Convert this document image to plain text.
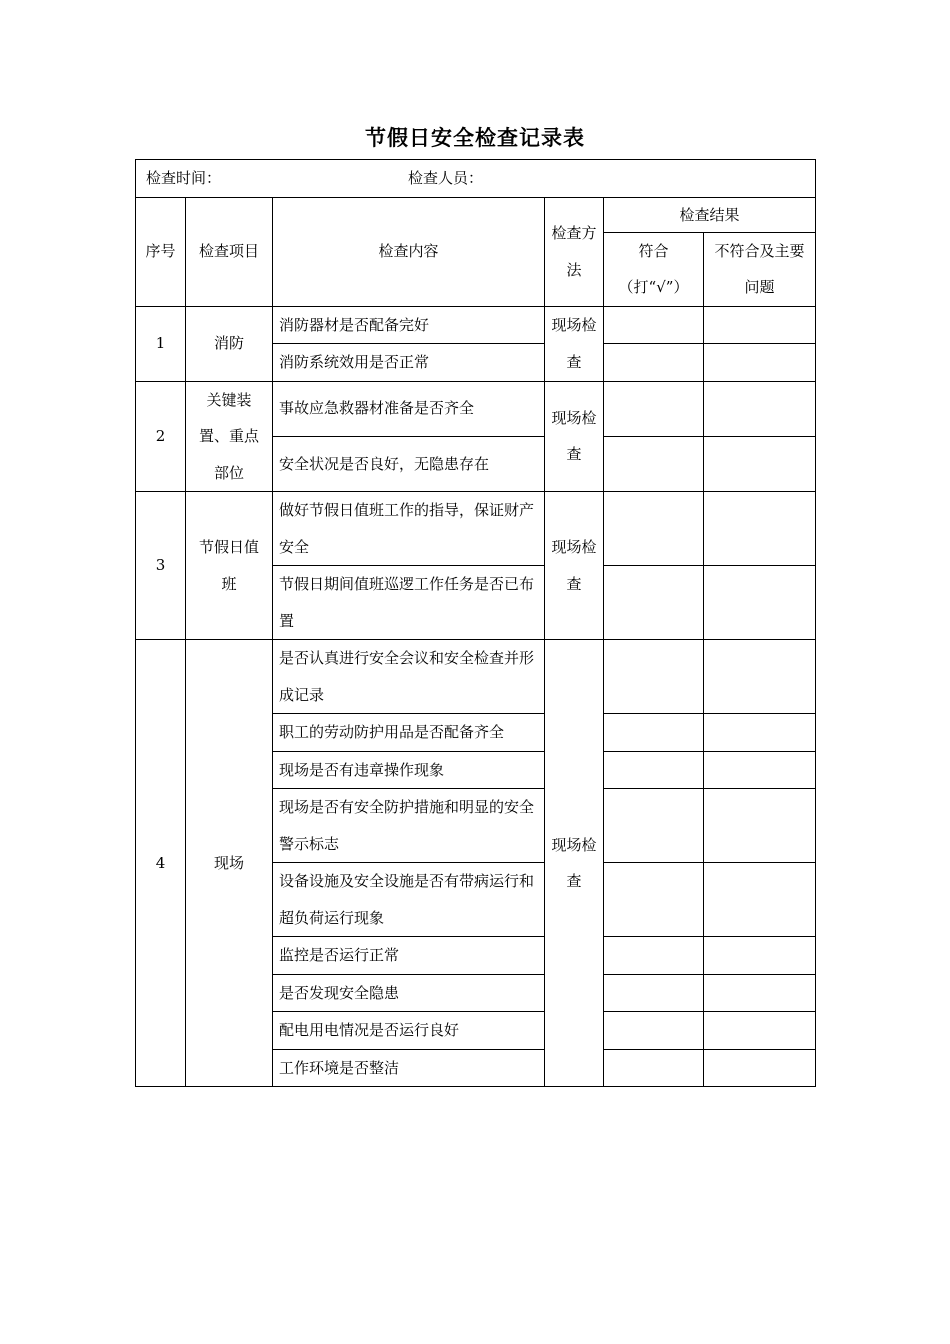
节假日安全检查记录表
检查时间： 检查人员：					
序号	检查项目	检查内容	检查方法	检查结果	
				符合（打“√”）	不符合及主要问题
1	消防	消防器材是否配备完好	现场检查		
		消防系统效用是否正常			
2	关键装置、重点部位	事故应急救器材准备是否齐全	现场检查		
		安全状况是否良好，无隐患存在			
3	节假日值班	做好节假日值班工作的指导，保证财产安全	现场检查		
		节假日期间值班巡逻工作任务是否已布置			
4	现场	是否认真进行安全会议和安全检查并形成记录	现场检查		
		职工的劳动防护用品是否配备齐全			
		现场是否有违章操作现象			
		现场是否有安全防护措施和明显的安全警示标志			
		设备设施及安全设施是否有带病运行和超负荷运行现象			
		监控是否运行正常			
		是否发现安全隐患			
		配电用电情况是否运行良好			
		工作环境是否整洁			
